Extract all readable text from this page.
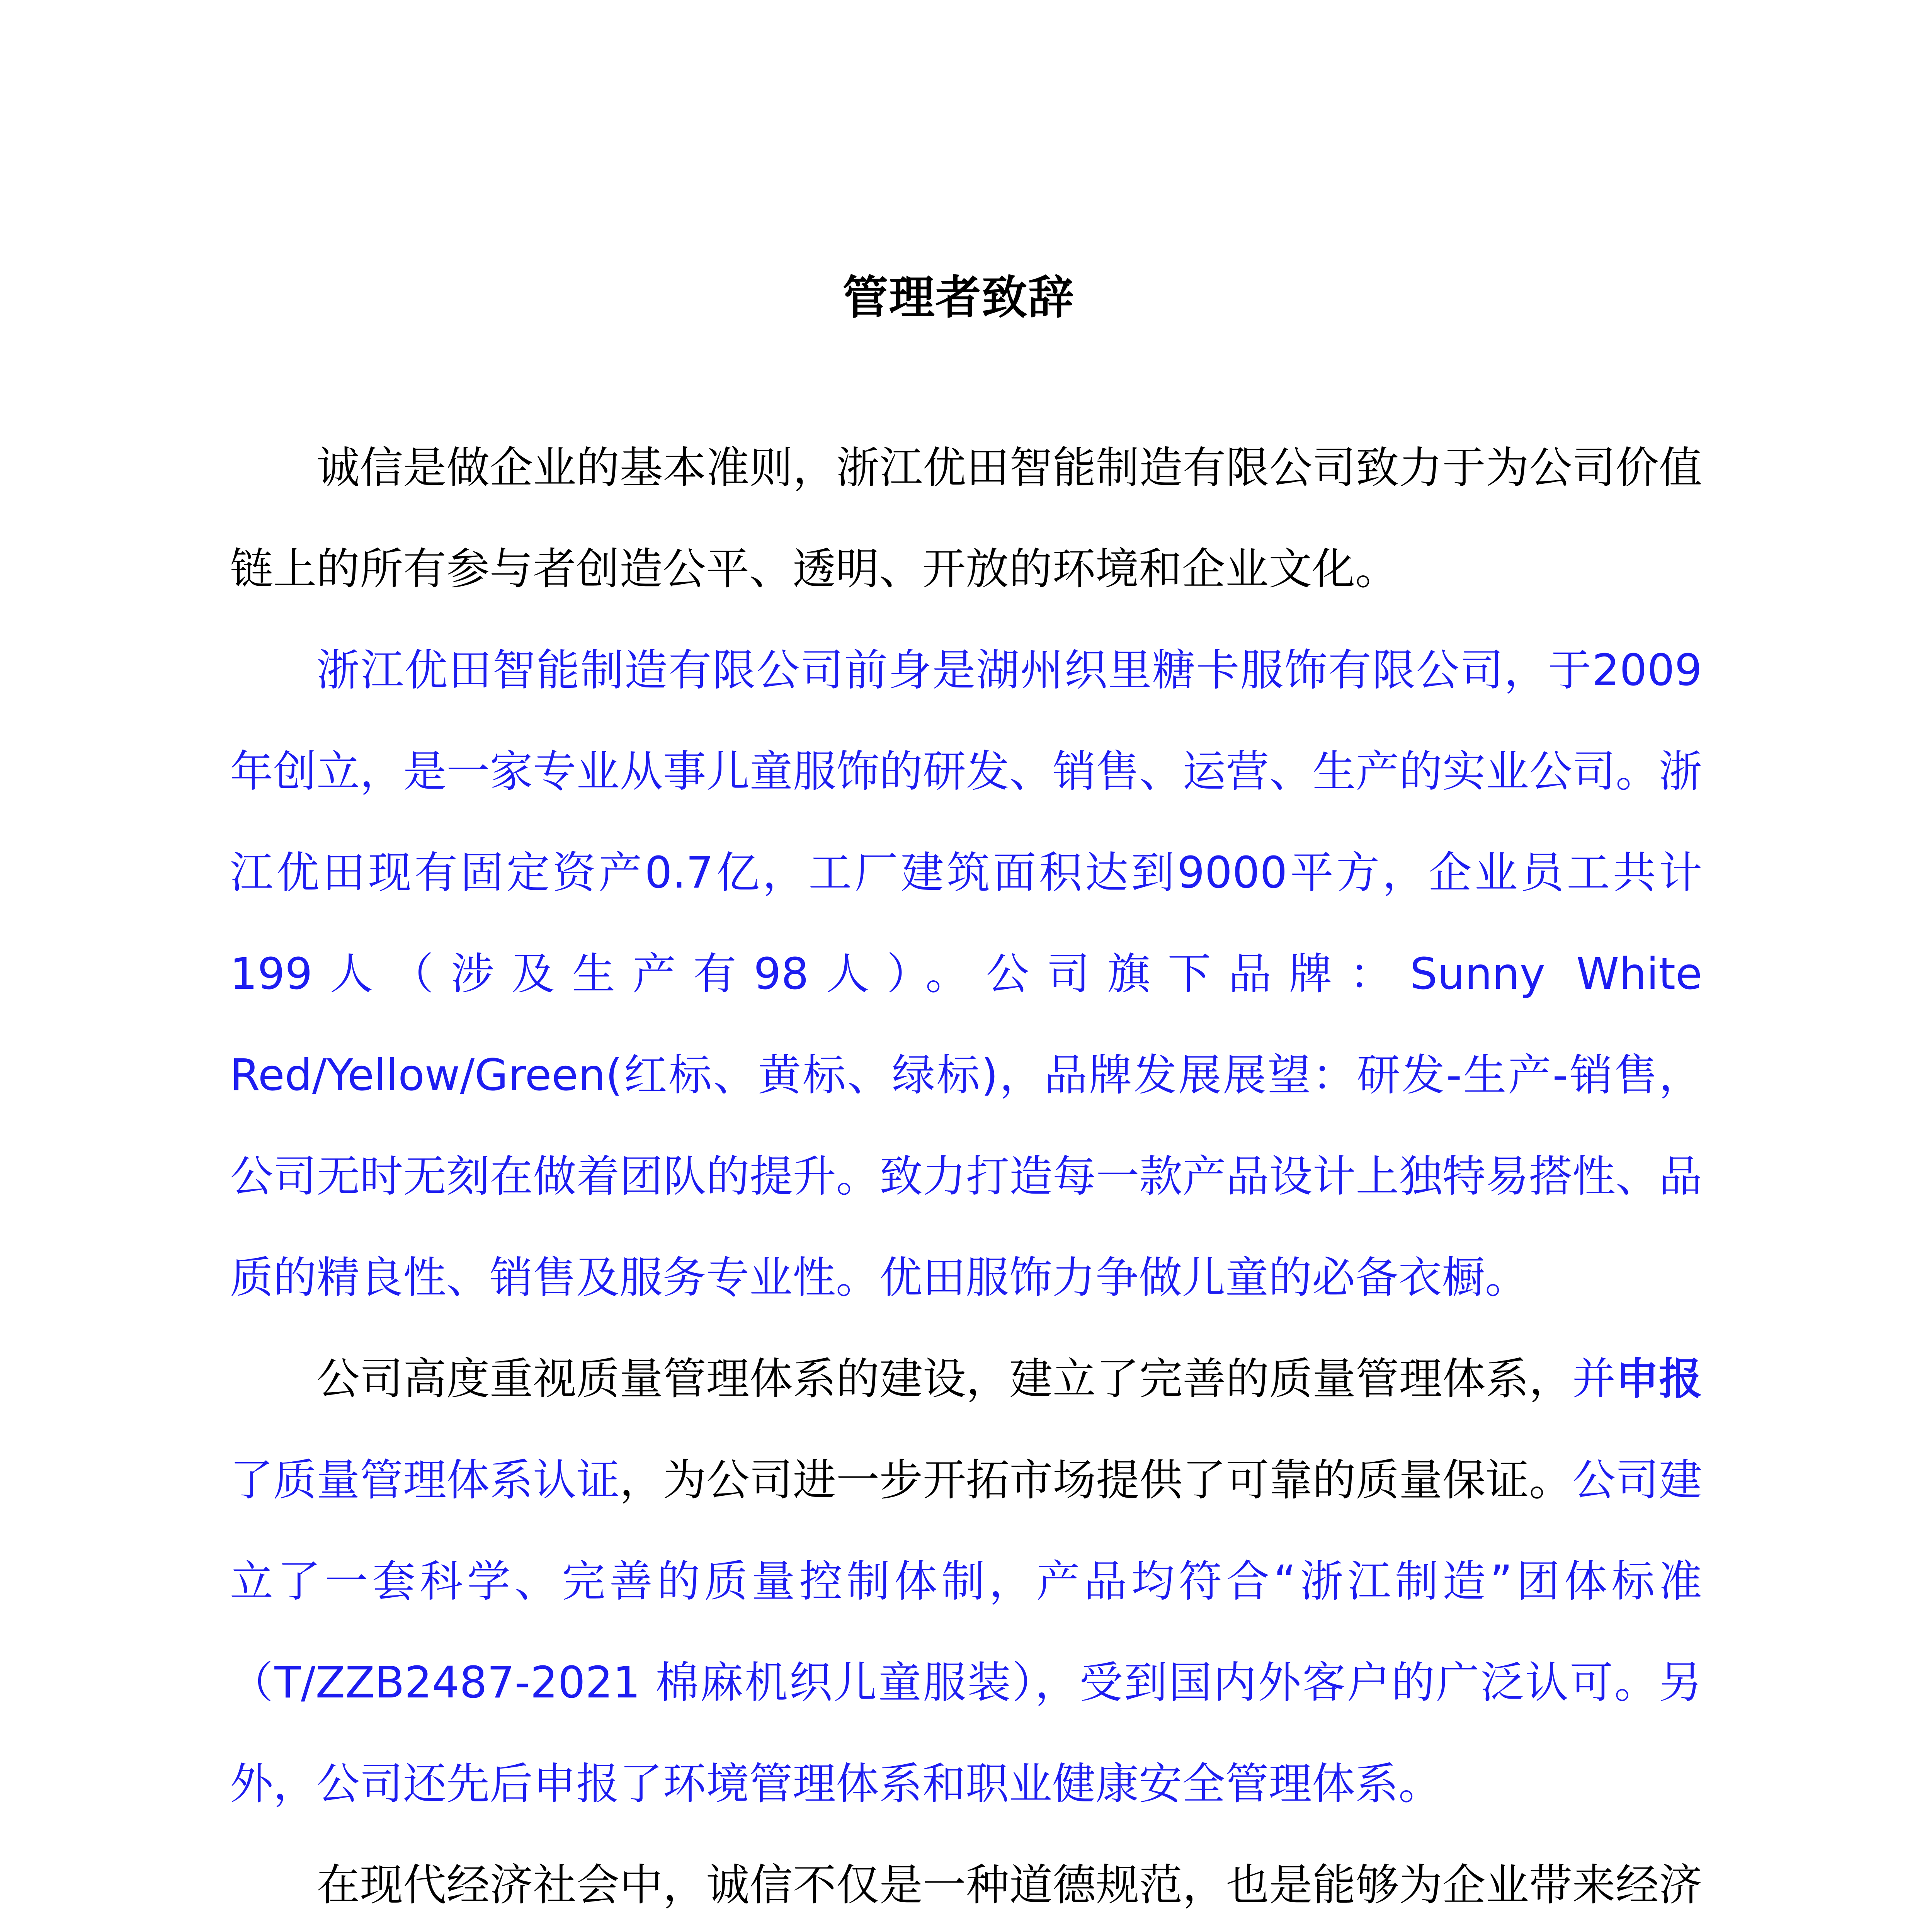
管理者致辞

诚信是做企业的基本准则，浙江优田智能制造有限公司致力于为公司价值链上的所有参与者创造公平、透明、开放的环境和企业文化。

浙江优田智能制造有限公司前身是湖州织里糖卡服饰有限公司，于2009年创立，是一家专业从事儿童服饰的研发、销售、运营、生产的实业公司。浙江优田现有固定资产0.7亿，工厂建筑面积达到9000平方，企业员工共计199人（涉及生产有98人）。公司旗下品牌：Sunny White Red/Yellow/Green(红标、黄标、绿标)，品牌发展展望：研发-生产-销售，公司无时无刻在做着团队的提升。致力打造每一款产品设计上独特易搭性、品质的精良性、销售及服务专业性。优田服饰力争做儿童的必备衣橱。

公司高度重视质量管理体系的建设，建立了完善的质量管理体系，并申报了质量管理体系认证，为公司进一步开拓市场提供了可靠的质量保证。公司建立了一套科学、完善的质量控制体制，产品均符合“浙江制造”团体标准（T/ZZB2487-2021 棉麻机织儿童服装），受到国内外客户的广泛认可。另外，公司还先后申报了环境管理体系和职业健康安全管理体系。

在现代经济社会中，诚信不仅是一种道德规范，也是能够为企业带来经济
